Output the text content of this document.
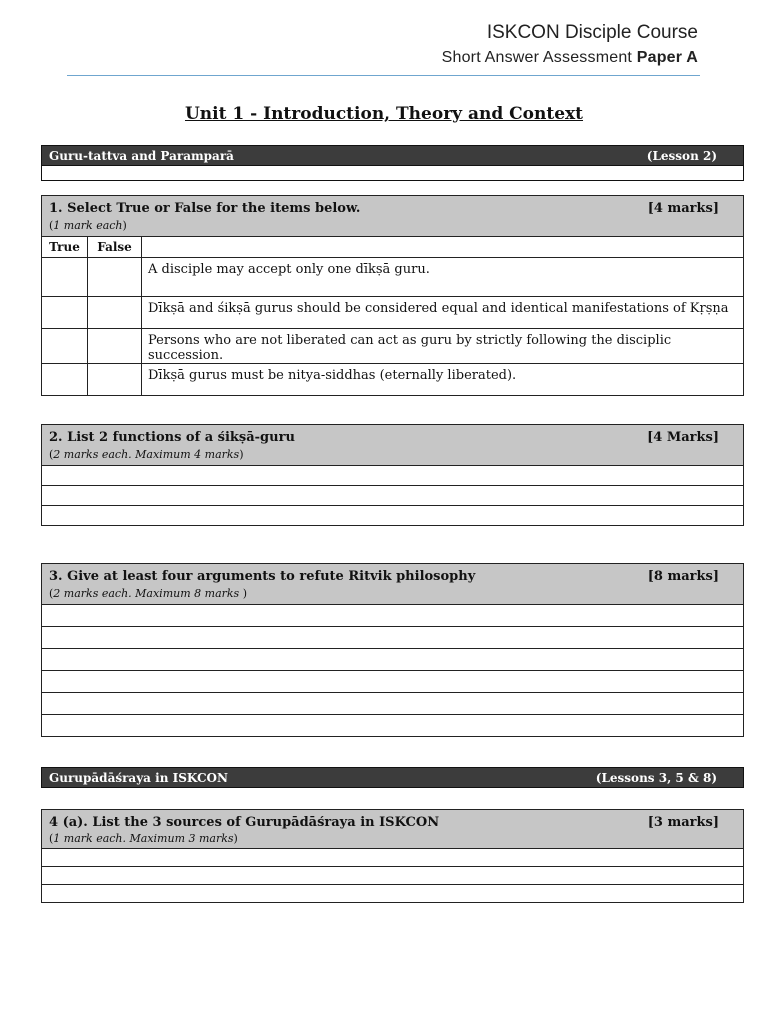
ISKCON Disciple Course
Short Answer Assessment Paper A
Unit 1 - Introduction, Theory and Context
Guru-tattva and Paramparā	(Lesson 2)
1. Select True or False for the items below.	[4 marks]
(1 mark each)
True	False	
		A disciple may accept only one dīkṣā guru.
		Dīkṣā and śikṣā gurus should be considered equal and identical manifestations of Kṛṣṇa
		Persons who are not liberated can act as guru by strictly following the disciplic succession.
		Dīkṣā gurus must be nitya-siddhas (eternally liberated).
2. List 2 functions of a śikṣā-guru	[4 Marks]
(2 marks each. Maximum 4 marks)
3. Give at least four arguments to refute Ritvik philosophy	[8 marks]
(2 marks each. Maximum 8 marks )
Gurupādāśraya in ISKCON	(Lessons 3, 5 & 8)
4 (a). List the 3 sources of Gurupādāśraya in ISKCON	[3 marks]
(1 mark each. Maximum 3 marks)
